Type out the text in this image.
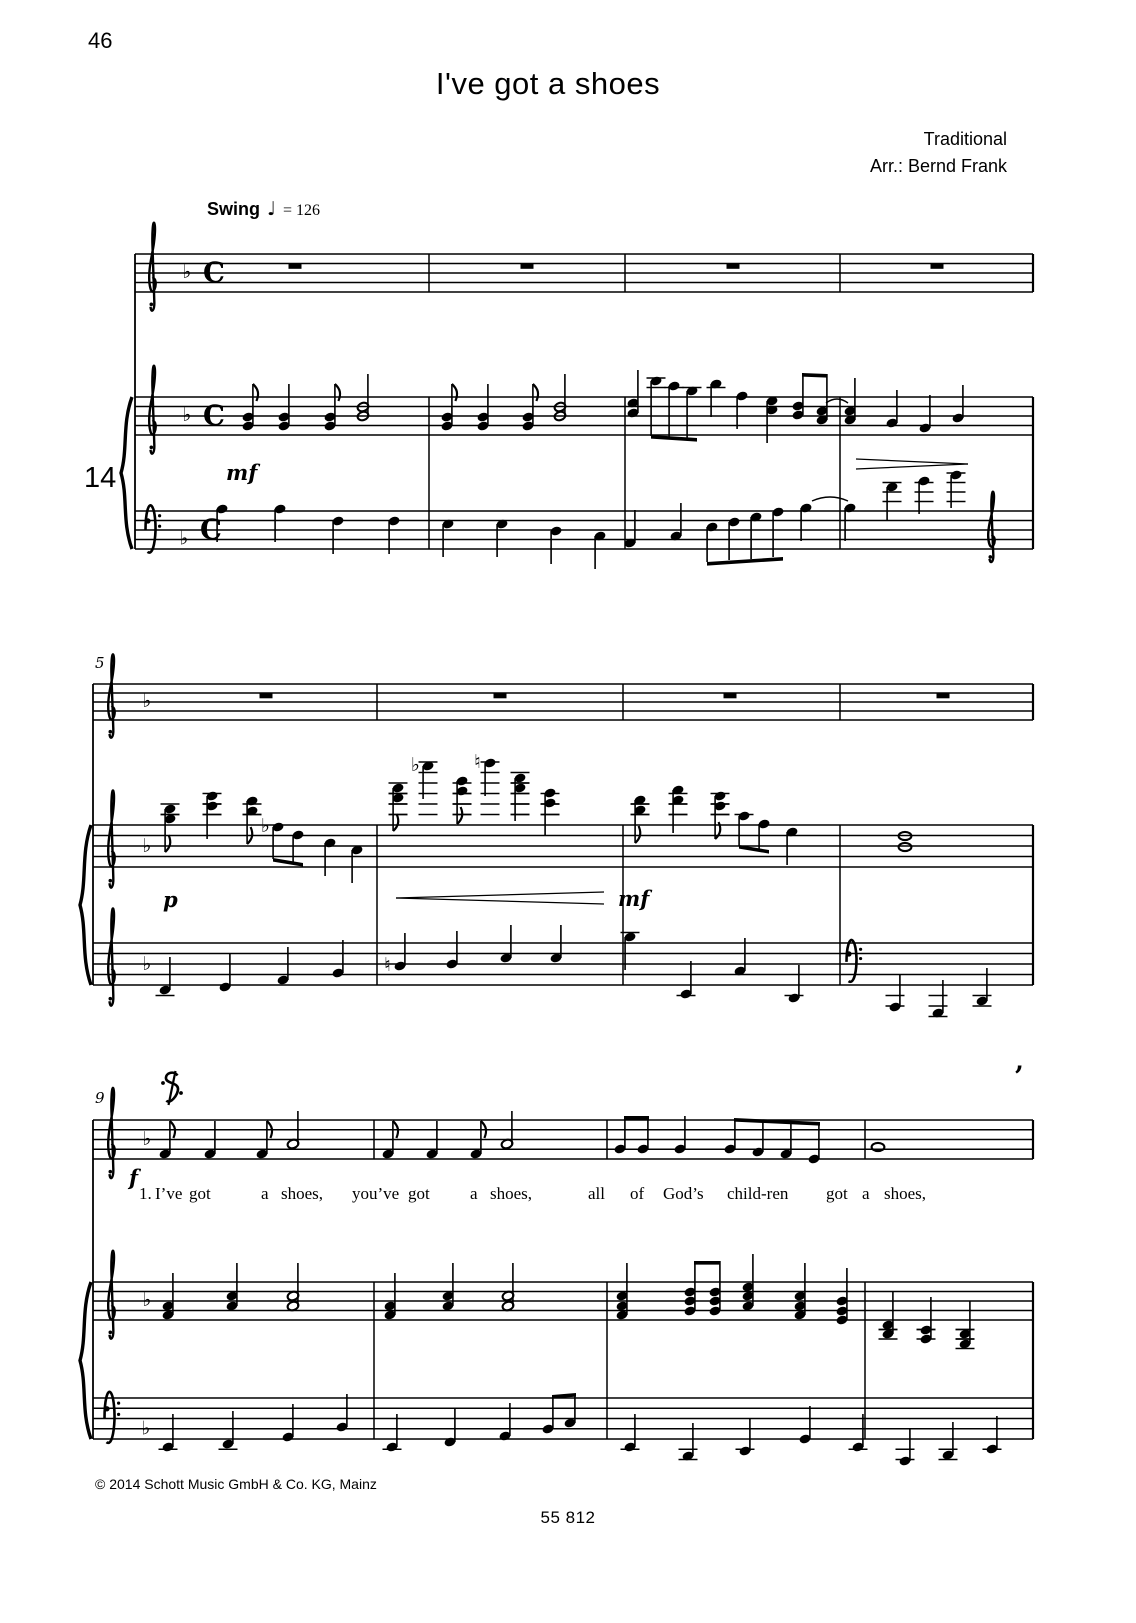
46
I've got a shoes
Traditional
Arr.: Bernd Frank
Swing ♩ = 126
♭ C
♭ C
♭ C
♭
♭
♭
♭	♮
♭	♮
♭
♭
♭
14	mf
5
p	mf
9
f
’
1. I’ve got	a shoes, you’ve got a shoes,	all of God’s child-ren got a shoes,
© 2014 Schott Music GmbH & Co. KG, Mainz
55 812
